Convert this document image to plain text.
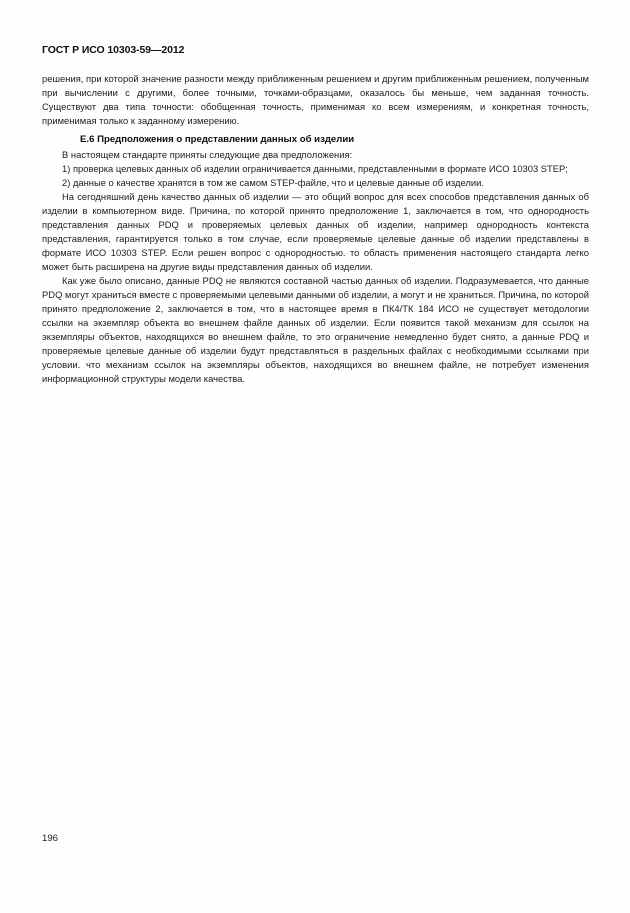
ГОСТ Р ИСО 10303-59—2012

решения, при которой значение разности между приближенным решением и другим приближенным решением, полученным при вычислении с другими, более точными, точками-образцами, оказалось бы меньше, чем заданная точность. Существуют два типа точности: обобщенная точность, применимая ко всем измерениям, и конкретная точность, применимая только к заданному измерению.

Е.6 Предположения о представлении данных об изделии

В настоящем стандарте приняты следующие два предположения:

1) проверка целевых данных об изделии ограничивается данными, представленными в формате ИСО 10303 STEP;

2) данные о качестве хранятся в том же самом STEP-файле, что и целевые данные об изделии.

На сегодняшний день качество данных об изделии — это общий вопрос для всех способов представления данных об изделии в компьютерном виде. Причина, по которой принято предположение 1, заключается в том, что однородность представления данных PDQ и проверяемых целевых данных об изделии, например однородность контекста представления, гарантируется только в том случае, если проверяемые целевые данные об изделии представлены в формате ИСО 10303 STEP. Если решен вопрос с однородностью. то область применения настоящего стандарта легко может быть расширена на другие виды представления данных об изделии.

Как уже было описано, данные PDQ не являются составной частью данных об изделии. Подразумевается, что данные PDQ могут храниться вместе с проверяемыми целевыми данными об изделии, а могут и не храниться. Причина, по которой принято предположение 2, заключается в том, что в настоящее время в ПК4/ТК 184 ИСО не существует методологии ссылки на экземпляр объекта во внешнем файле данных об изделии. Если появится такой механизм для ссылок на экземпляры объектов, находящихся во внешнем файле, то это ограничение немедленно будет снято, а данные PDQ и проверяемые целевые данные об изделии будут представляться в раздельных файлах с необходимыми ссылками при условии. что механизм ссылок на экземпляры объектов, находящихся во внешнем файле, не потребует изменения информационной структуры модели качества.

196
